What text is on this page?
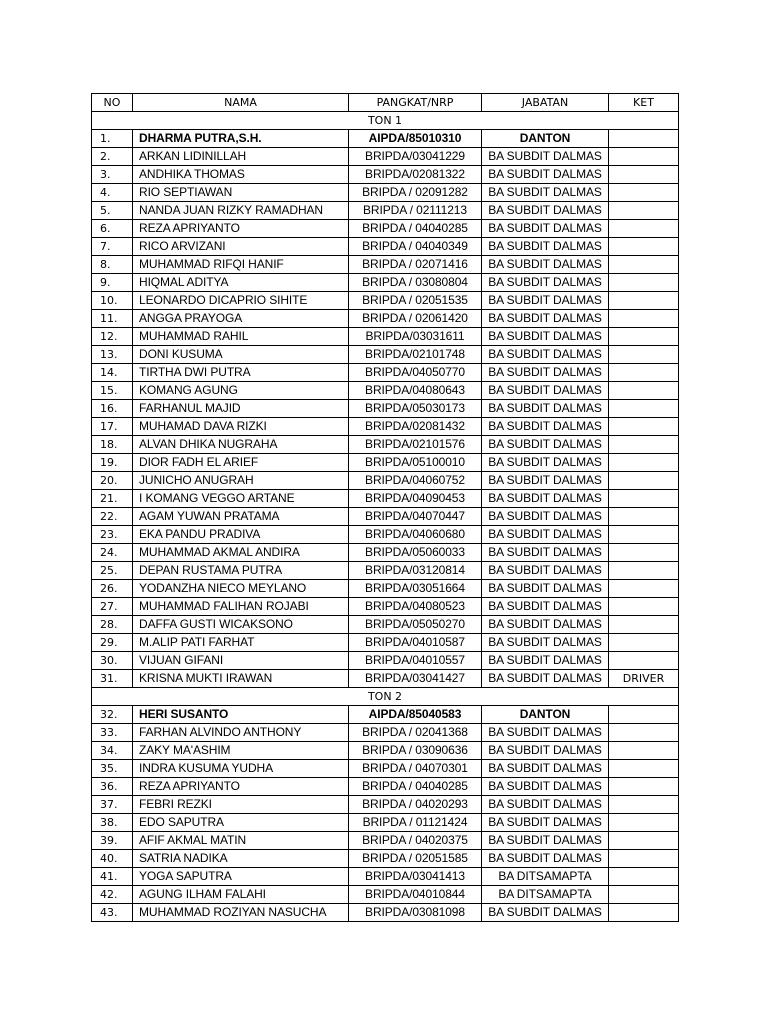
NO	NAMA	PANGKAT/NRP	JABATAN	KET
TON 1				
1.	DHARMA PUTRA,S.H.	AIPDA/85010310	DANTON	
2.	ARKAN LIDINILLAH	BRIPDA/03041229	BA SUBDIT DALMAS	
3.	ANDHIKA THOMAS	BRIPDA/02081322	BA SUBDIT DALMAS	
4.	RIO SEPTIAWAN	BRIPDA / 02091282	BA SUBDIT DALMAS	
5.	NANDA JUAN RIZKY RAMADHAN	BRIPDA / 02111213	BA SUBDIT DALMAS	
6.	REZA APRIYANTO	BRIPDA / 04040285	BA SUBDIT DALMAS	
7.	RICO ARVIZANI	BRIPDA / 04040349	BA SUBDIT DALMAS	
8.	MUHAMMAD RIFQI HANIF	BRIPDA / 02071416	BA SUBDIT DALMAS	
9.	HIQMAL ADITYA	BRIPDA / 03080804	BA SUBDIT DALMAS	
10.	LEONARDO DICAPRIO SIHITE	BRIPDA / 02051535	BA SUBDIT DALMAS	
11.	ANGGA PRAYOGA	BRIPDA / 02061420	BA SUBDIT DALMAS	
12.	MUHAMMAD RAHIL	BRIPDA/03031611	BA SUBDIT DALMAS	
13.	DONI KUSUMA	BRIPDA/02101748	BA SUBDIT DALMAS	
14.	TIRTHA DWI PUTRA	BRIPDA/04050770	BA SUBDIT DALMAS	
15.	KOMANG AGUNG	BRIPDA/04080643	BA SUBDIT DALMAS	
16.	FARHANUL MAJID	BRIPDA/05030173	BA SUBDIT DALMAS	
17.	MUHAMAD DAVA RIZKI	BRIPDA/02081432	BA SUBDIT DALMAS	
18.	ALVAN DHIKA NUGRAHA	BRIPDA/02101576	BA SUBDIT DALMAS	
19.	DIOR FADH EL ARIEF	BRIPDA/05100010	BA SUBDIT DALMAS	
20.	JUNICHO ANUGRAH	BRIPDA/04060752	BA SUBDIT DALMAS	
21.	I KOMANG VEGGO ARTANE	BRIPDA/04090453	BA SUBDIT DALMAS	
22.	AGAM YUWAN PRATAMA	BRIPDA/04070447	BA SUBDIT DALMAS	
23.	EKA PANDU PRADIVA	BRIPDA/04060680	BA SUBDIT DALMAS	
24.	MUHAMMAD AKMAL ANDIRA	BRIPDA/05060033	BA SUBDIT DALMAS	
25.	DEPAN RUSTAMA PUTRA	BRIPDA/03120814	BA SUBDIT DALMAS	
26.	YODANZHA NIECO MEYLANO	BRIPDA/03051664	BA SUBDIT DALMAS	
27.	MUHAMMAD FALIHAN ROJABI	BRIPDA/04080523	BA SUBDIT DALMAS	
28.	DAFFA GUSTI WICAKSONO	BRIPDA/05050270	BA SUBDIT DALMAS	
29.	M.ALIP PATI FARHAT	BRIPDA/04010587	BA SUBDIT DALMAS	
30.	VIJUAN GIFANI	BRIPDA/04010557	BA SUBDIT DALMAS	
31.	KRISNA MUKTI IRAWAN	BRIPDA/03041427	BA SUBDIT DALMAS	DRIVER
TON 2				
32.	HERI SUSANTO	AIPDA/85040583	DANTON	
33.	FARHAN ALVINDO ANTHONY	BRIPDA / 02041368	BA SUBDIT DALMAS	
34.	ZAKY MA'ASHIM	BRIPDA / 03090636	BA SUBDIT DALMAS	
35.	INDRA KUSUMA YUDHA	BRIPDA / 04070301	BA SUBDIT DALMAS	
36.	REZA APRIYANTO	BRIPDA / 04040285	BA SUBDIT DALMAS	
37.	FEBRI REZKI	BRIPDA / 04020293	BA SUBDIT DALMAS	
38.	EDO SAPUTRA	BRIPDA / 01121424	BA SUBDIT DALMAS	
39.	AFIF AKMAL MATIN	BRIPDA / 04020375	BA SUBDIT DALMAS	
40.	SATRIA NADIKA	BRIPDA / 02051585	BA SUBDIT DALMAS	
41.	YOGA SAPUTRA	BRIPDA/03041413	BA DITSAMAPTA	
42.	AGUNG ILHAM FALAHI	BRIPDA/04010844	BA DITSAMAPTA	
43.	MUHAMMAD ROZIYAN NASUCHA	BRIPDA/03081098	BA SUBDIT DALMAS	
